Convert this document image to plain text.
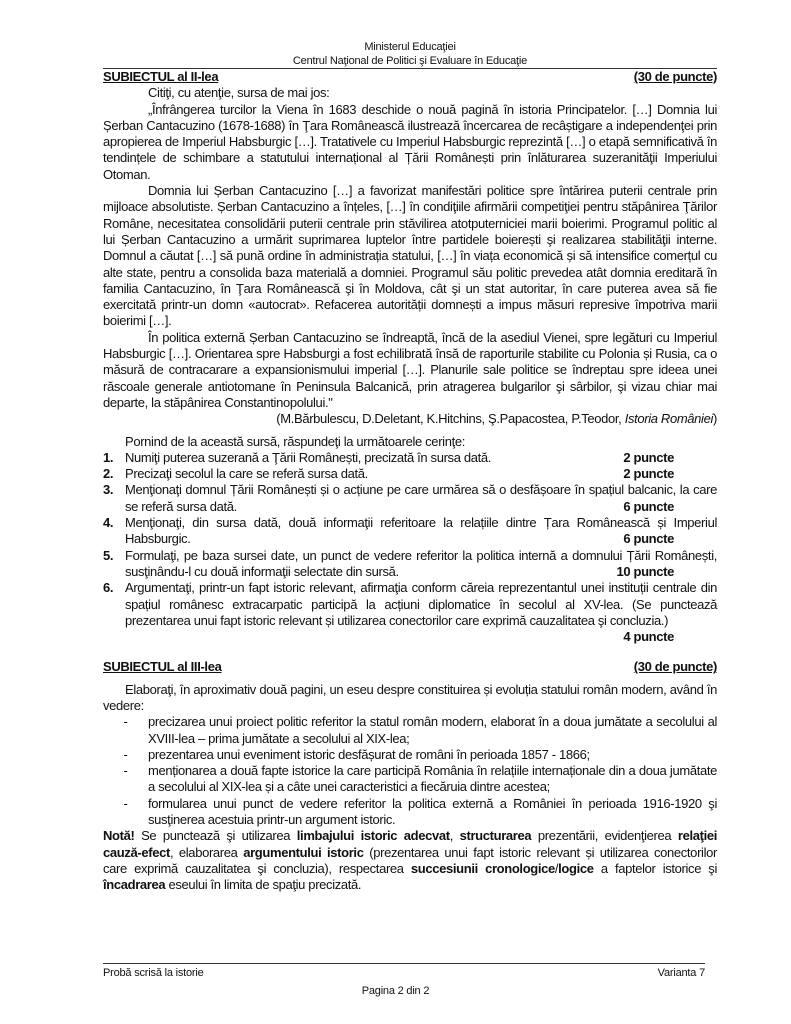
Ministerul Educaţiei
Centrul Naţional de Politici şi Evaluare în Educaţie
SUBIECTUL al II-lea	(30 de puncte)

Citiţi, cu atenţie, sursa de mai jos:

„Înfrângerea turcilor la Viena în 1683 deschide o nouă pagină în istoria Principatelor. […] Domnia lui Șerban Cantacuzino (1678-1688) în Ţara Românească ilustrează încercarea de recâștigare a independenţei prin apropierea de Imperiul Habsburgic […]. Tratativele cu Imperiul Habsburgic reprezintă […] o etapă semnificativă în tendințele de schimbare a statutului internațional al Țării Românești prin înlăturarea suzeranităţii Imperiului Otoman.

Domnia lui Șerban Cantacuzino […] a favorizat manifestări politice spre întărirea puterii centrale prin mijloace absolutiste. Șerban Cantacuzino a înțeles, […] în condiţiile afirmării competiţiei pentru stăpânirea Ţărilor Române, necesitatea consolidării puterii centrale prin stăvilirea atotputerniciei marii boierimi. Programul politic al lui Șerban Cantacuzino a urmărit suprimarea luptelor între partidele boierești şi realizarea stabilităţii interne. Domnul a căutat […] să pună ordine în administrația statului, […] în viața economică și să intensifice comerțul cu alte state, pentru a consolida baza materială a domniei. Programul său politic prevedea atât domnia ereditară în familia Cantacuzino, în Ţara Românească şi în Moldova, cât şi un stat autoritar, în care puterea avea să fie exercitată printr-un domn «autocrat». Refacerea autorității domnești a impus măsuri represive împotriva marii boierimi […].

În politica externă Șerban Cantacuzino se îndreaptă, încă de la asediul Vienei, spre legături cu Imperiul Habsburgic […]. Orientarea spre Habsburgi a fost echilibrată însă de raporturile stabilite cu Polonia și Rusia, ca o măsură de contracarare a expansionismului imperial […]. Planurile sale politice se îndreptau spre ideea unei răscoale generale antiotomane în Peninsula Balcanică, prin atragerea bulgarilor şi sârbilor, şi vizau chiar mai departe, la stăpânirea Constantinopolului."

(M.Bărbulescu, D.Deletant, K.Hitchins, Ş.Papacostea, P.Teodor, Istoria României)

Pornind de la această sursă, răspundeţi la următoarele cerinţe:

1. Numiţi puterea suzerană a Ţării Românești, precizată în sursa dată.	2 puncte
2. Precizaţi secolul la care se referă sursa dată.	2 puncte
3. Menţionaţi domnul Țării Românești și o acțiune pe care urmărea să o desfășoare în spațiul balcanic, la care se referă sursa dată.	6 puncte
4. Menţionaţi, din sursa dată, două informaţii referitoare la relațiile dintre Țara Românească și Imperiul Habsburgic.	6 puncte
5. Formulaţi, pe baza sursei date, un punct de vedere referitor la politica internă a domnului Țării Românești, susţinându-l cu două informaţii selectate din sursă.	10 puncte
6. Argumentaţi, printr-un fapt istoric relevant, afirmaţia conform căreia reprezentantul unei instituții centrale din spațiul românesc extracarpatic participă la acțiuni diplomatice în secolul al XV-lea. (Se punctează prezentarea unui fapt istoric relevant și utilizarea conectorilor care exprimă cauzalitatea şi concluzia.)
4 puncte
SUBIECTUL al III-lea	(30 de puncte)

Elaboraţi, în aproximativ două pagini, un eseu despre constituirea și evoluția statului român modern, având în vedere:

-	precizarea unui proiect politic referitor la statul român modern, elaborat în a doua jumătate a secolului al XVIII-lea – prima jumătate a secolului al XIX-lea;
-	prezentarea unui eveniment istoric desfășurat de români în perioada 1857 - 1866;
-	menționarea a două fapte istorice la care participă România în relațiile internaționale din a doua jumătate a secolului al XIX-lea și a câte unei caracteristici a fiecăruia dintre acestea;
-	formularea unui punct de vedere referitor la politica externă a României în perioada 1916-1920 şi susţinerea acestuia printr-un argument istoric.

Notă! Se punctează şi utilizarea limbajului istoric adecvat, structurarea prezentării, evidenţierea relaţiei cauză-efect, elaborarea argumentului istoric (prezentarea unui fapt istoric relevant și utilizarea conectorilor care exprimă cauzalitatea şi concluzia), respectarea succesiunii cronologice/logice a faptelor istorice şi încadrarea eseului în limita de spaţiu precizată.

Probă scrisă la istorie	Varianta 7
Pagina 2 din 2
